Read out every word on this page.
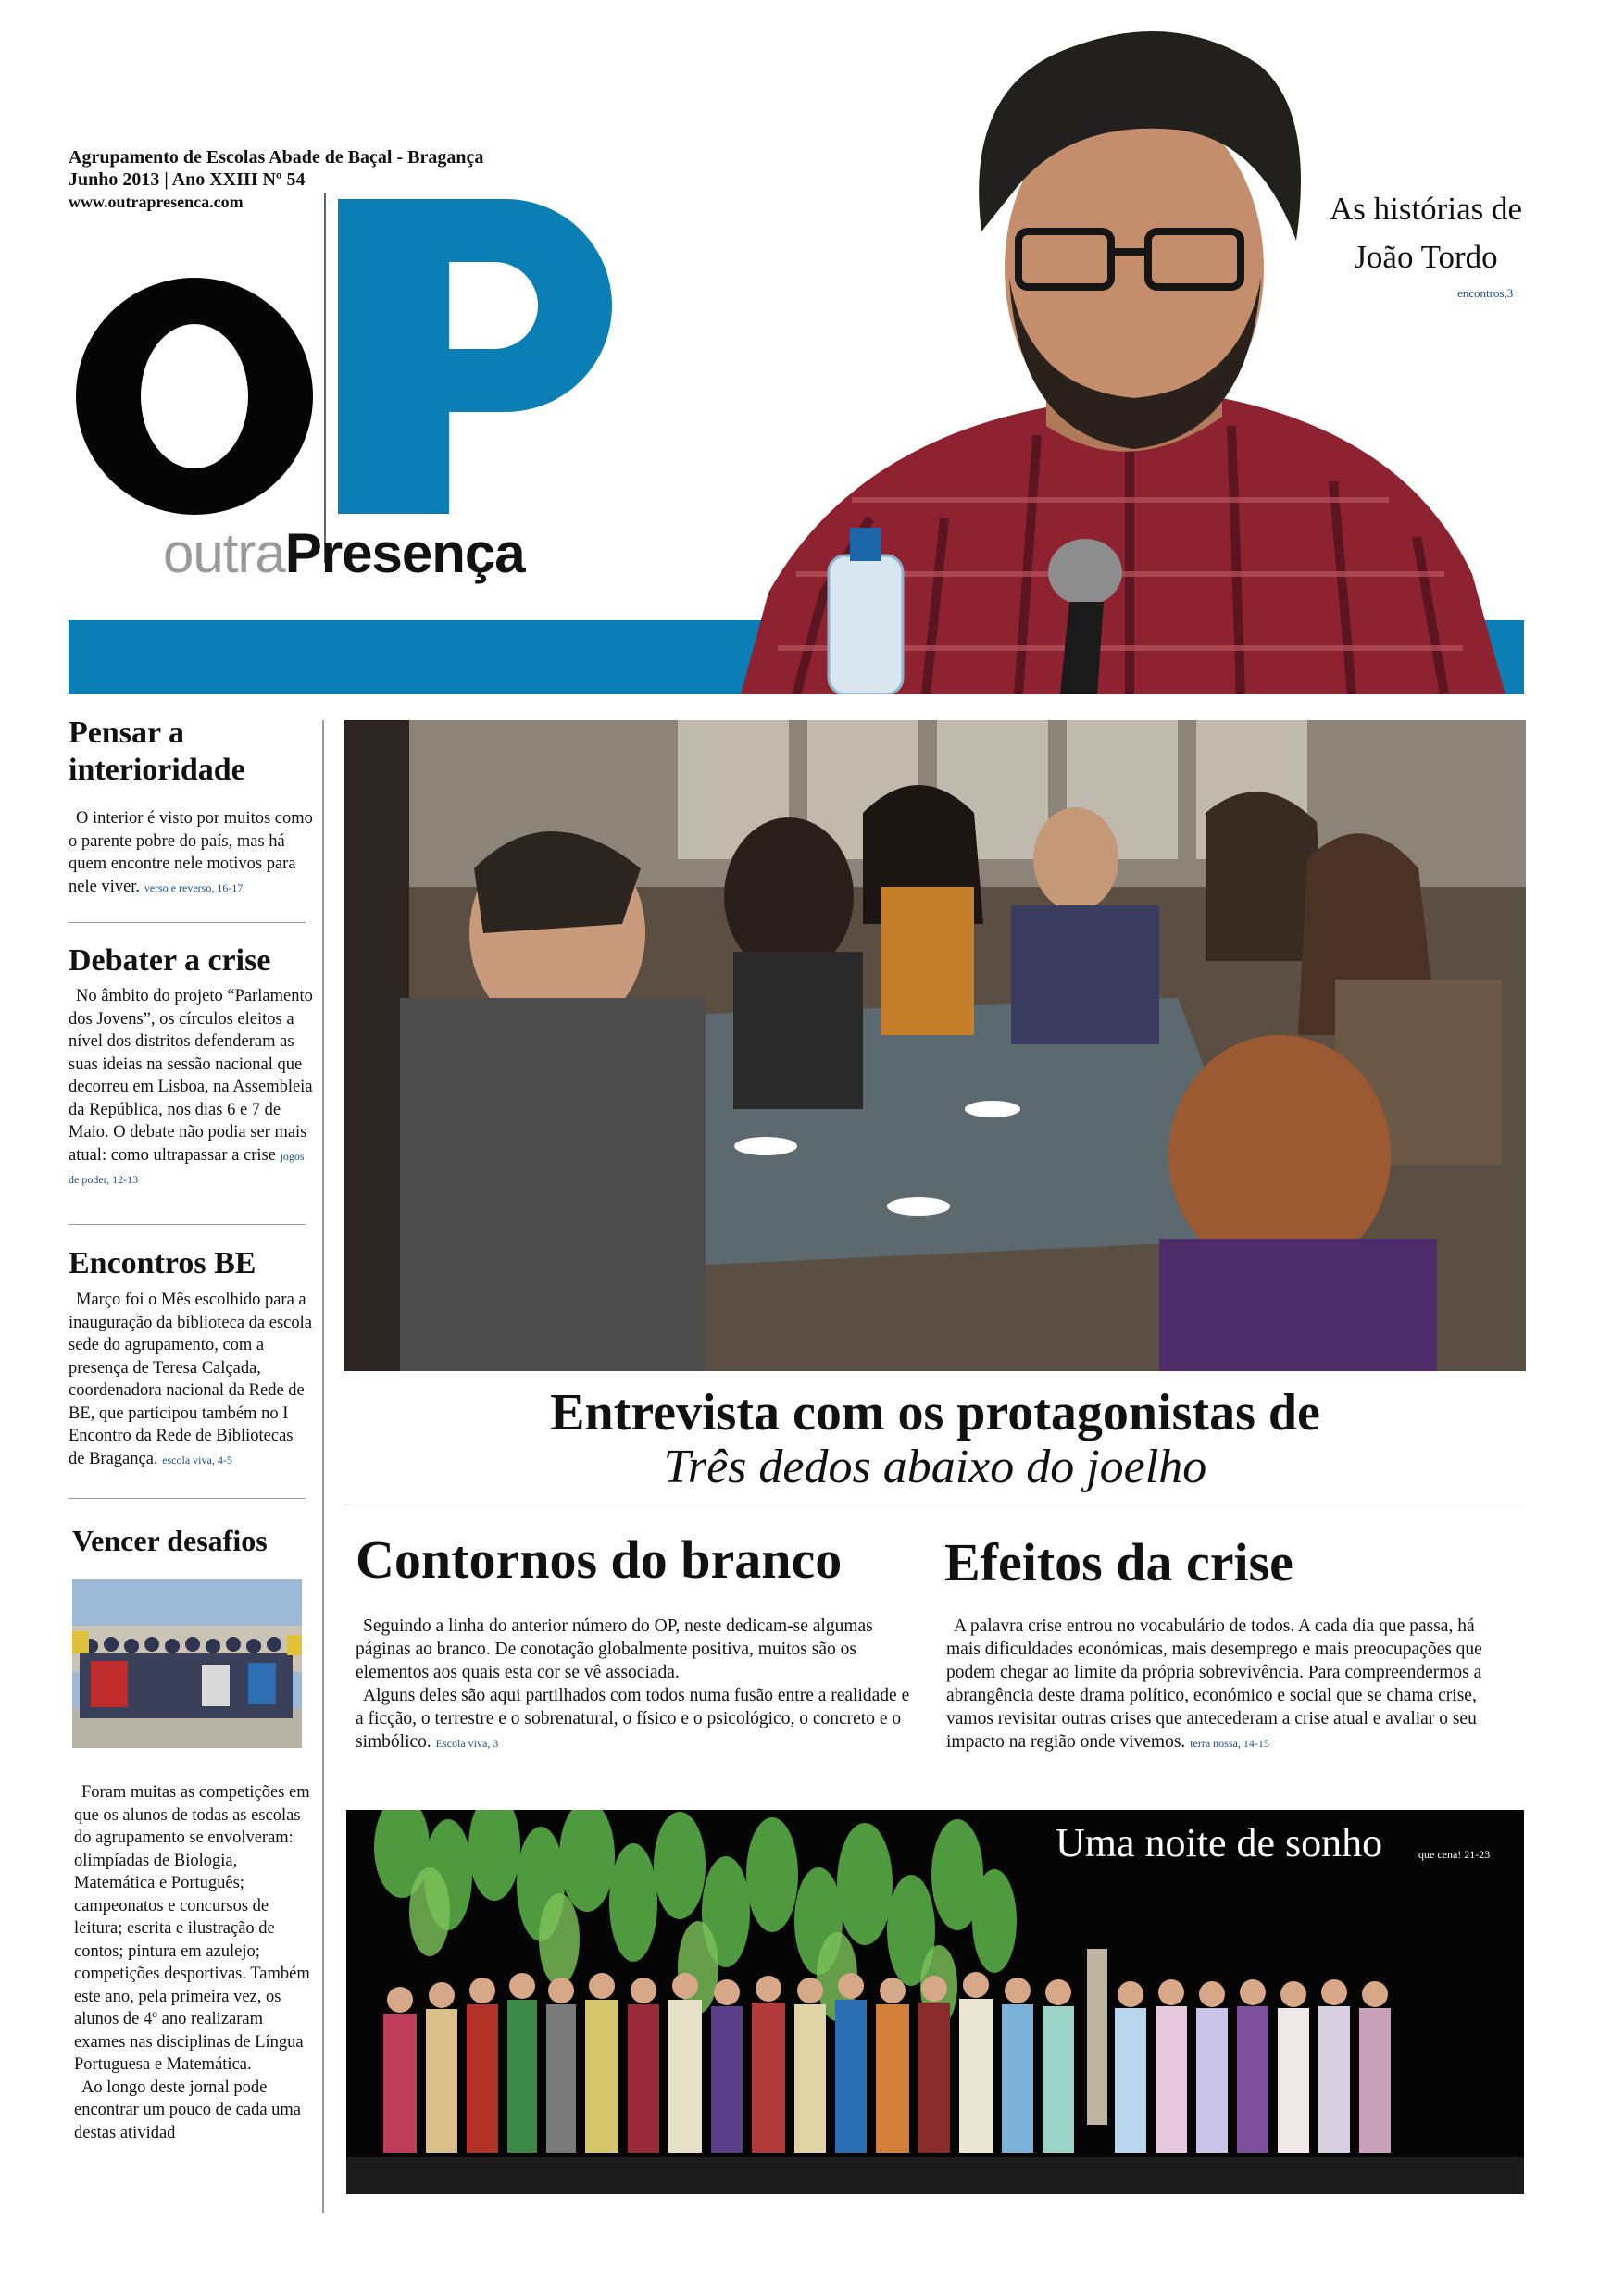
Agrupamento de Escolas Abade de Baçal - Bragança
Junho 2013 | Ano XXIII Nº 54
www.outrapresenca.com
outraPresença
As histórias de
João Tordo
encontros,3
Pensar a interioridade
O interior é visto por muitos como o parente pobre do país, mas há quem encontre nele motivos para nele viver. verso e reverso, 16-17
Debater a crise
No âmbito do projeto “Parlamento dos Jovens”, os círculos eleitos a nível dos distritos defenderam as suas ideias na sessão nacional que decorreu em Lisboa, na Assembleia da República, nos dias 6 e 7 de Maio. O debate não podia ser mais atual: como ultrapassar a crise jogos de poder, 12-13
Encontros BE
Março foi o Mês escolhido para a inauguração da biblioteca da escola sede do agrupamento, com a presença de Teresa Calçada, coordenadora nacional da Rede de BE, que participou também no I Encontro da Rede de Bibliotecas de Bragança. escola viva, 4-5
Vencer desafios
Foram muitas as competições em que os alunos de todas as escolas do agrupamento se envolveram: olimpíadas de Biologia, Matemática e Português; campeonatos e concursos de leitura; escrita e ilustração de contos; pintura em azulejo; competições desportivas. Também este ano, pela primeira vez, os alunos de 4º ano realizaram exames nas disciplinas de Língua Portuguesa e Matemática.
Ao longo deste jornal pode encontrar um pouco de cada uma destas atividad
Entrevista com os protagonistas de
Três dedos abaixo do joelho
Contornos do branco
Seguindo a linha do anterior número do OP, neste dedicam-se algumas páginas ao branco. De conotação globalmente positiva, muitos são os elementos aos quais esta cor se vê associada.
Alguns deles são aqui partilhados com todos numa fusão entre a realidade e a ficção, o terrestre e o sobrenatural, o físico e o psicológico, o concreto e o simbólico. Escola viva, 3
Efeitos da crise
A palavra crise entrou no vocabulário de todos. A cada dia que passa, há mais dificuldades económicas, mais desemprego e mais preocupações que podem chegar ao limite da própria sobrevivência. Para compreendermos a abrangência deste drama político, económico e social que se chama crise, vamos revisitar outras crises que antecederam a crise atual e avaliar o seu impacto na região onde vivemos. terra nossa, 14-15
Uma noite de sonho	que cena! 21-23
